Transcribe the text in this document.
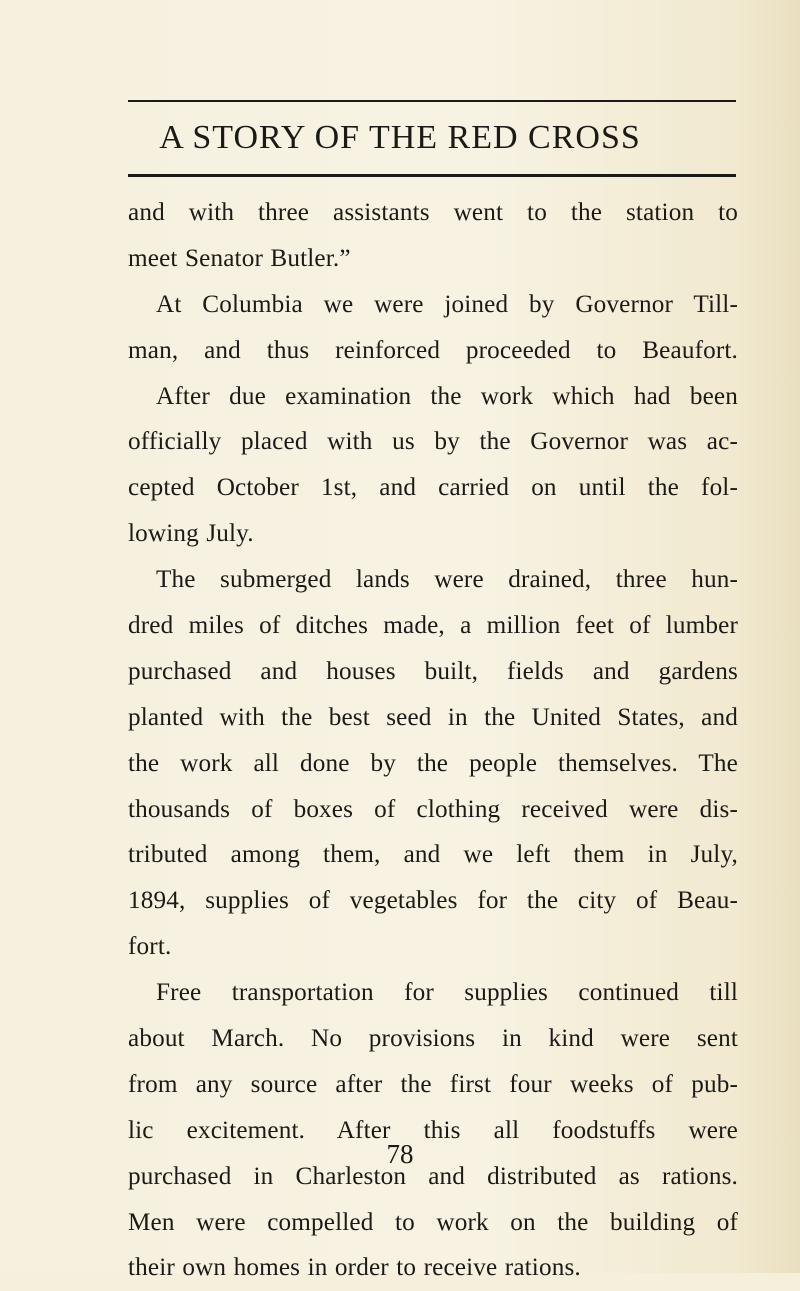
A STORY OF THE RED CROSS
and with three assistants went to the station to
meet Senator Butler.”
At Columbia we were joined by Governor Till-
man, and thus reinforced proceeded to Beaufort.
After due examination the work which had been
officially placed with us by the Governor was ac-
cepted October 1st, and carried on until the fol-
lowing July.
The submerged lands were drained, three hun-
dred miles of ditches made, a million feet of lumber
purchased and houses built, fields and gardens
planted with the best seed in the United States, and
the work all done by the people themselves. The
thousands of boxes of clothing received were dis-
tributed among them, and we left them in July,
1894, supplies of vegetables for the city of Beau-
fort.
Free transportation for supplies continued till
about March. No provisions in kind were sent
from any source after the first four weeks of pub-
lic excitement. After this all foodstuffs were
purchased in Charleston and distributed as rations.
Men were compelled to work on the building of
their own homes in order to receive rations.
78
